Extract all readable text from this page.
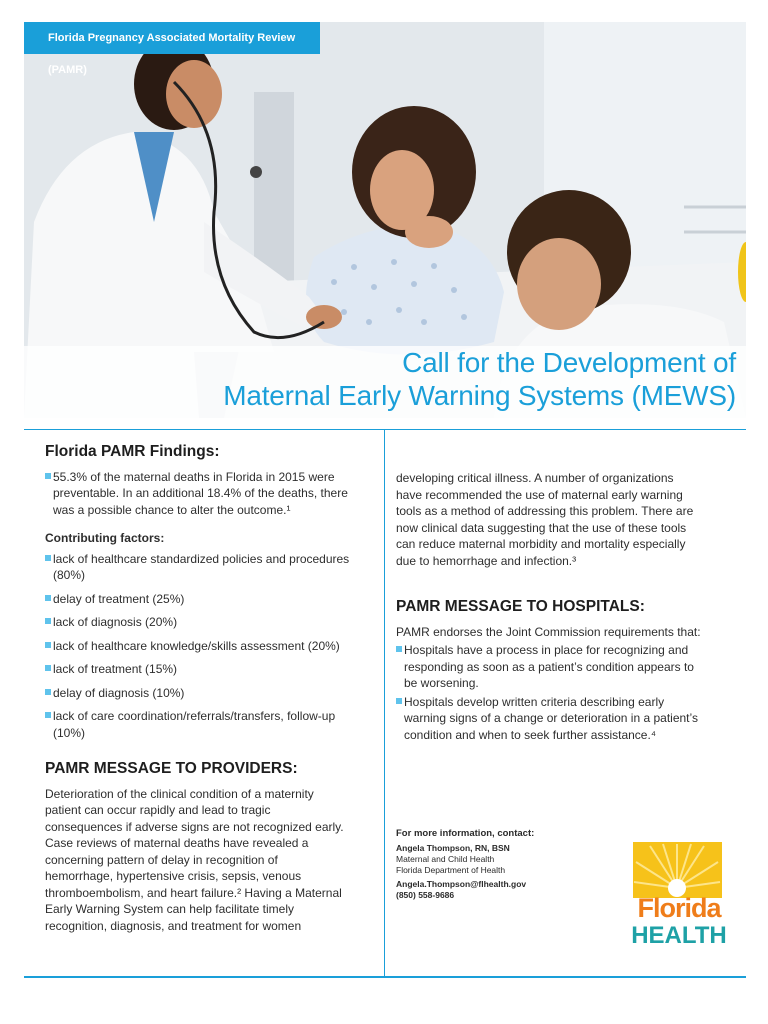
Florida Pregnancy Associated Mortality Review (PAMR)
Call for the Development of
Maternal Early Warning Systems (MEWS)
Florida PAMR Findings:
55.3% of the maternal deaths in Florida in 2015 were
preventable. In an additional 18.4% of the deaths, there
was a possible chance to alter the outcome.¹
Contributing factors:
lack of healthcare standardized policies and procedures
(80%)
delay of treatment (25%)
lack of diagnosis (20%)
lack of healthcare knowledge/skills assessment (20%)
lack of treatment (15%)
delay of diagnosis (10%)
lack of care coordination/referrals/transfers, follow-up
(10%)
PAMR MESSAGE TO PROVIDERS:
Deterioration of the clinical condition of a maternity
patient can occur rapidly and lead to tragic
consequences if adverse signs are not recognized early.
Case reviews of maternal deaths have revealed a
concerning pattern of delay in recognition of
hemorrhage, hypertensive crisis, sepsis, venous
thromboembolism, and heart failure.² Having a Maternal
Early Warning System can help facilitate timely
recognition, diagnosis, and treatment for women
developing critical illness. A number of organizations
have recommended the use of maternal early warning
tools as a method of addressing this problem. There are
now clinical data suggesting that the use of these tools
can reduce maternal morbidity and mortality especially
due to hemorrhage and infection.³
PAMR MESSAGE TO HOSPITALS:

PAMR endorses the Joint Commission requirements that:

Hospitals have a process in place for recognizing and
responding as soon as a patient’s condition appears to
be worsening.
Hospitals develop written criteria describing early
warning signs of a change or deterioration in a patient’s
condition and when to seek further assistance.⁴
For more information, contact:
Angela Thompson, RN, BSN
Maternal and Child Health
Florida Department of Health
Angela.Thompson@flhealth.gov
(850) 558-9686	Florida
HEALTH
